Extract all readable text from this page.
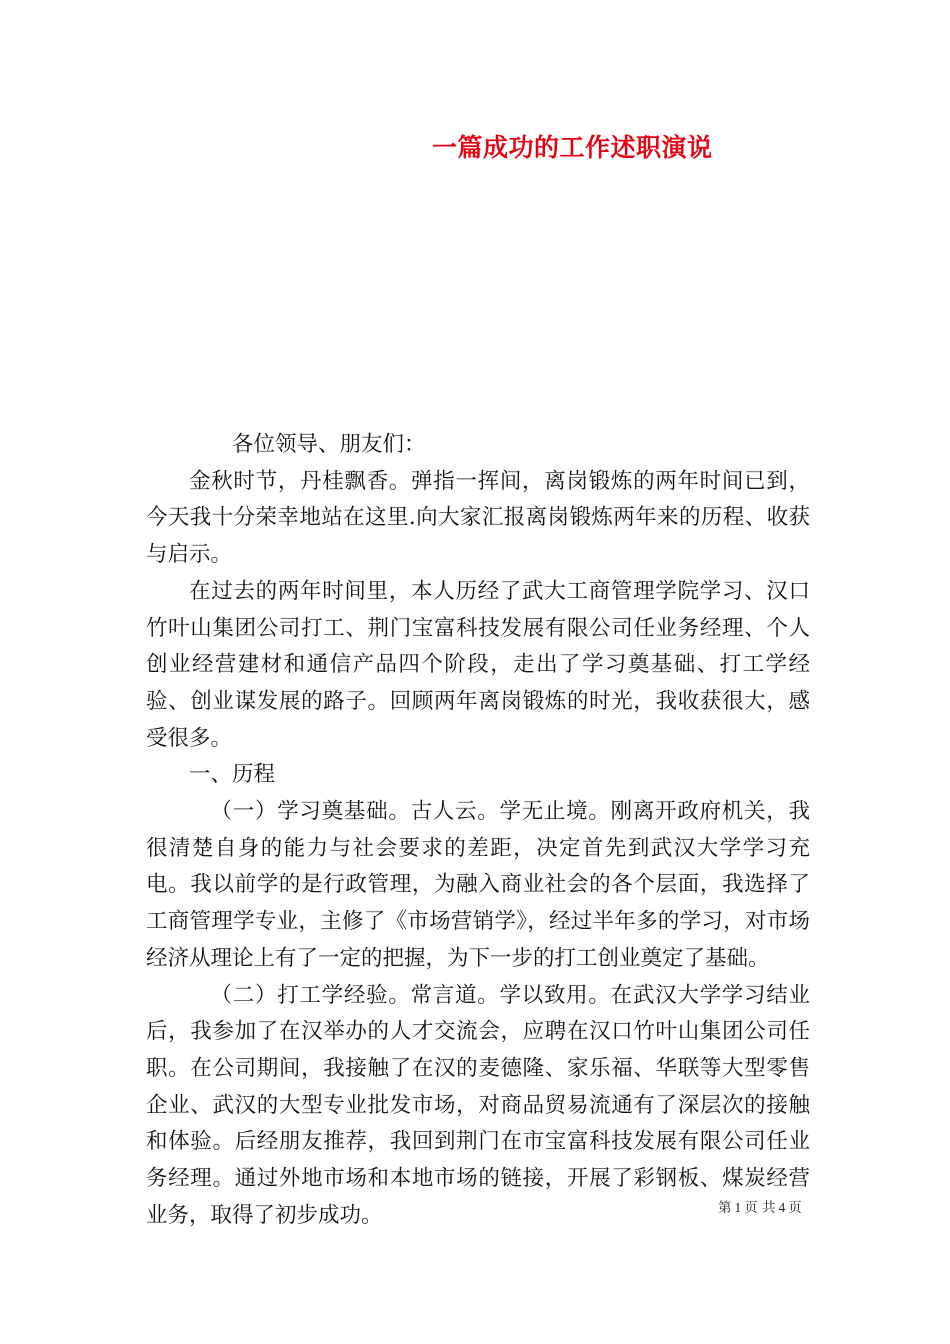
一篇成功的工作述职演说

各位领导、朋友们：

金秋时节，丹桂飘香。弹指一挥间，离岗锻炼的两年时间已到，今天我十分荣幸地站在这里.向大家汇报离岗锻炼两年来的历程、收获与启示。

在过去的两年时间里，本人历经了武大工商管理学院学习、汉口竹叶山集团公司打工、荆门宝富科技发展有限公司任业务经理、个人创业经营建材和通信产品四个阶段，走出了学习奠基础、打工学经验、创业谋发展的路子。回顾两年离岗锻炼的时光，我收获很大，感受很多。

一、历程

（一）学习奠基础。古人云。学无止境。刚离开政府机关，我很清楚自身的能力与社会要求的差距，决定首先到武汉大学学习充电。我以前学的是行政管理，为融入商业社会的各个层面，我选择了工商管理学专业，主修了《市场营销学》，经过半年多的学习，对市场经济从理论上有了一定的把握，为下一步的打工创业奠定了基础。

（二）打工学经验。常言道。学以致用。在武汉大学学习结业后，我参加了在汉举办的人才交流会，应聘在汉口竹叶山集团公司任职。在公司期间，我接触了在汉的麦德隆、家乐福、华联等大型零售企业、武汉的大型专业批发市场，对商品贸易流通有了深层次的接触和体验。后经朋友推荐，我回到荆门在市宝富科技发展有限公司任业务经理。通过外地市场和本地市场的链接，开展了彩钢板、煤炭经营业务，取得了初步成功。	第 1 页 共 4 页
